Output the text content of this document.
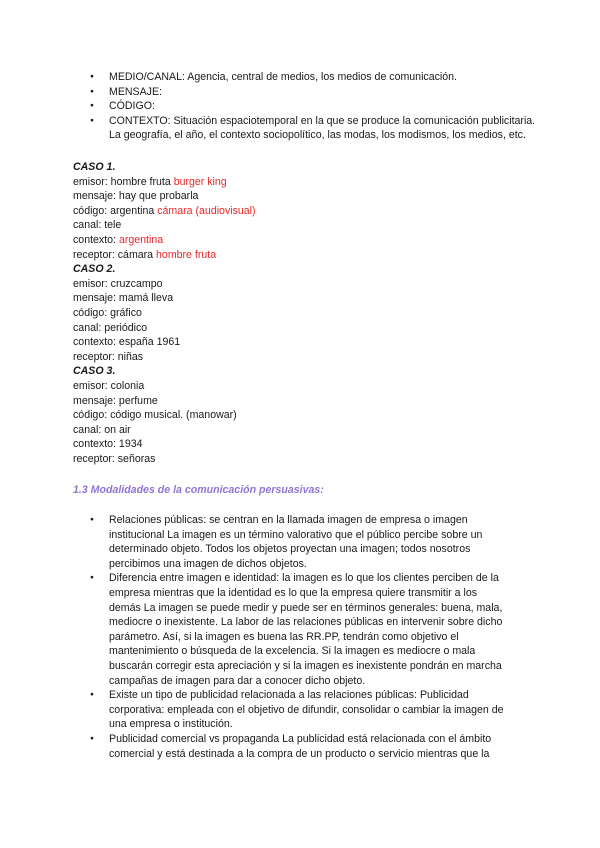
● MEDIO/CANAL: Agencia, central de medios, los medios de comunicación.
● MENSAJE:
● CÓDIGO:
● CONTEXTO: Situación espaciotemporal en la que se produce la comunicación publicitaria. La geografía, el año, el contexto sociopolítico, las modas, los modismos, los medios, etc.
CASO 1.
emisor: hombre fruta burger king
mensaje: hay que probarla
código: argentina cámara (audiovisual)
canal: tele
contexto: argentina
receptor: cámara hombre fruta
CASO 2.
emisor: cruzcampo
mensaje: mamá lleva
código: gráfico
canal: periódico
contexto: españa 1961
receptor: niñas
CASO 3.
emisor: colonia
mensaje: perfume
código: código musical. (manowar)
canal: on air
contexto: 1934
receptor: señoras
1.3 Modalidades de la comunicación persuasivas:
● Relaciones públicas: se centran en la llamada imagen de empresa o imagen
institucional La imagen es un término valorativo que el público percibe sobre un
determinado objeto. Todos los objetos proyectan una imagen; todos nosotros
percibimos una imagen de dichos objetos.
● Diferencia entre imagen e identidad: la imagen es lo que los clientes perciben de la
empresa mientras que la identidad es lo que la empresa quiere transmitir a los
demás La imagen se puede medir y puede ser en términos generales: buena, mala,
mediocre o inexistente. La labor de las relaciones públicas en intervenir sobre dicho
parámetro. Así, si la imagen es buena las RR.PP, tendrán como objetivo el
mantenimiento o búsqueda de la excelencia. Si la imagen es mediocre o mala
buscarán corregir esta apreciación y si la imagen es inexistente pondrán en marcha
campañas de imagen para dar a conocer dicho objeto.
● Existe un tipo de publicidad relacionada a las relaciones públicas: Publicidad
corporativa: empleada con el objetivo de difundir, consolidar o cambiar la imagen de
una empresa o institución.
● Publicidad comercial vs propaganda La publicidad está relacionada con el ámbito
comercial y está destinada a la compra de un producto o servicio mientras que la
